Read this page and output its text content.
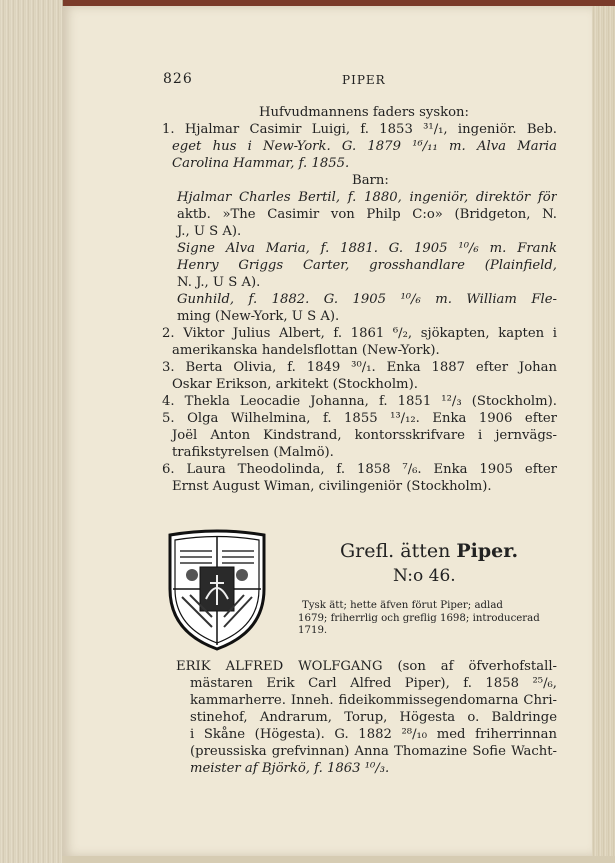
826	PIPER
Hufvudmannens faders syskon:
1. Hjalmar Casimir Luigi, f. 1853 ³¹/₁, ingeniör. Beb.
eget hus i New-York. G. 1879 ¹⁶/₁₁ m. Alva Maria
Carolina Hammar, f. 1855.
Barn:
Hjalmar Charles Bertil, f. 1880, ingeniör, direktör för
aktb. »The Casimir von Philp C:o» (Bridgeton, N.
J., U S A).
Signe Alva Maria, f. 1881. G. 1905 ¹⁰/₆ m. Frank
Henry Griggs Carter, grosshandlare (Plainfield,
N. J., U S A).
Gunhild, f. 1882. G. 1905 ¹⁰/₆ m. William Fle-
ming (New-York, U S A).
2. Viktor Julius Albert, f. 1861 ⁶/₂, sjökapten, kapten i
amerikanska handelsflottan (New-York).
3. Berta Olivia, f. 1849 ³⁰/₁. Enka 1887 efter Johan
Oskar Erikson, arkitekt (Stockholm).
4. Thekla Leocadie Johanna, f. 1851 ¹²/₃ (Stockholm).
5. Olga Wilhelmina, f. 1855 ¹³/₁₂. Enka 1906 efter
Joël Anton Kindstrand, kontorsskrifvare i jernvägs-
trafikstyrelsen (Malmö).
6. Laura Theodolinda, f. 1858 ⁷/₆. Enka 1905 efter
Ernst August Wiman, civilingeniör (Stockholm).
Grefl. ätten Piper.
N:o 46.
Tysk ätt; hette äfven förut Piper; adlad
1679; friherrlig och greflig 1698; introducerad
1719.
ERIK ALFRED WOLFGANG (son af öfverhofstall-
mästaren Erik Carl Alfred Piper), f. 1858 ²⁵/₆,
kammarherre. Inneh. fideikommissegendomarna Chri-
stinehof, Andrarum, Torup, Högesta o. Baldringe
i Skåne (Högesta). G. 1882 ²⁸/₁₀ med friherrinnan
(preussiska grefvinnan) Anna Thomazine Sofie Wacht-
meister af Björkö, f. 1863 ¹⁰/₃.
